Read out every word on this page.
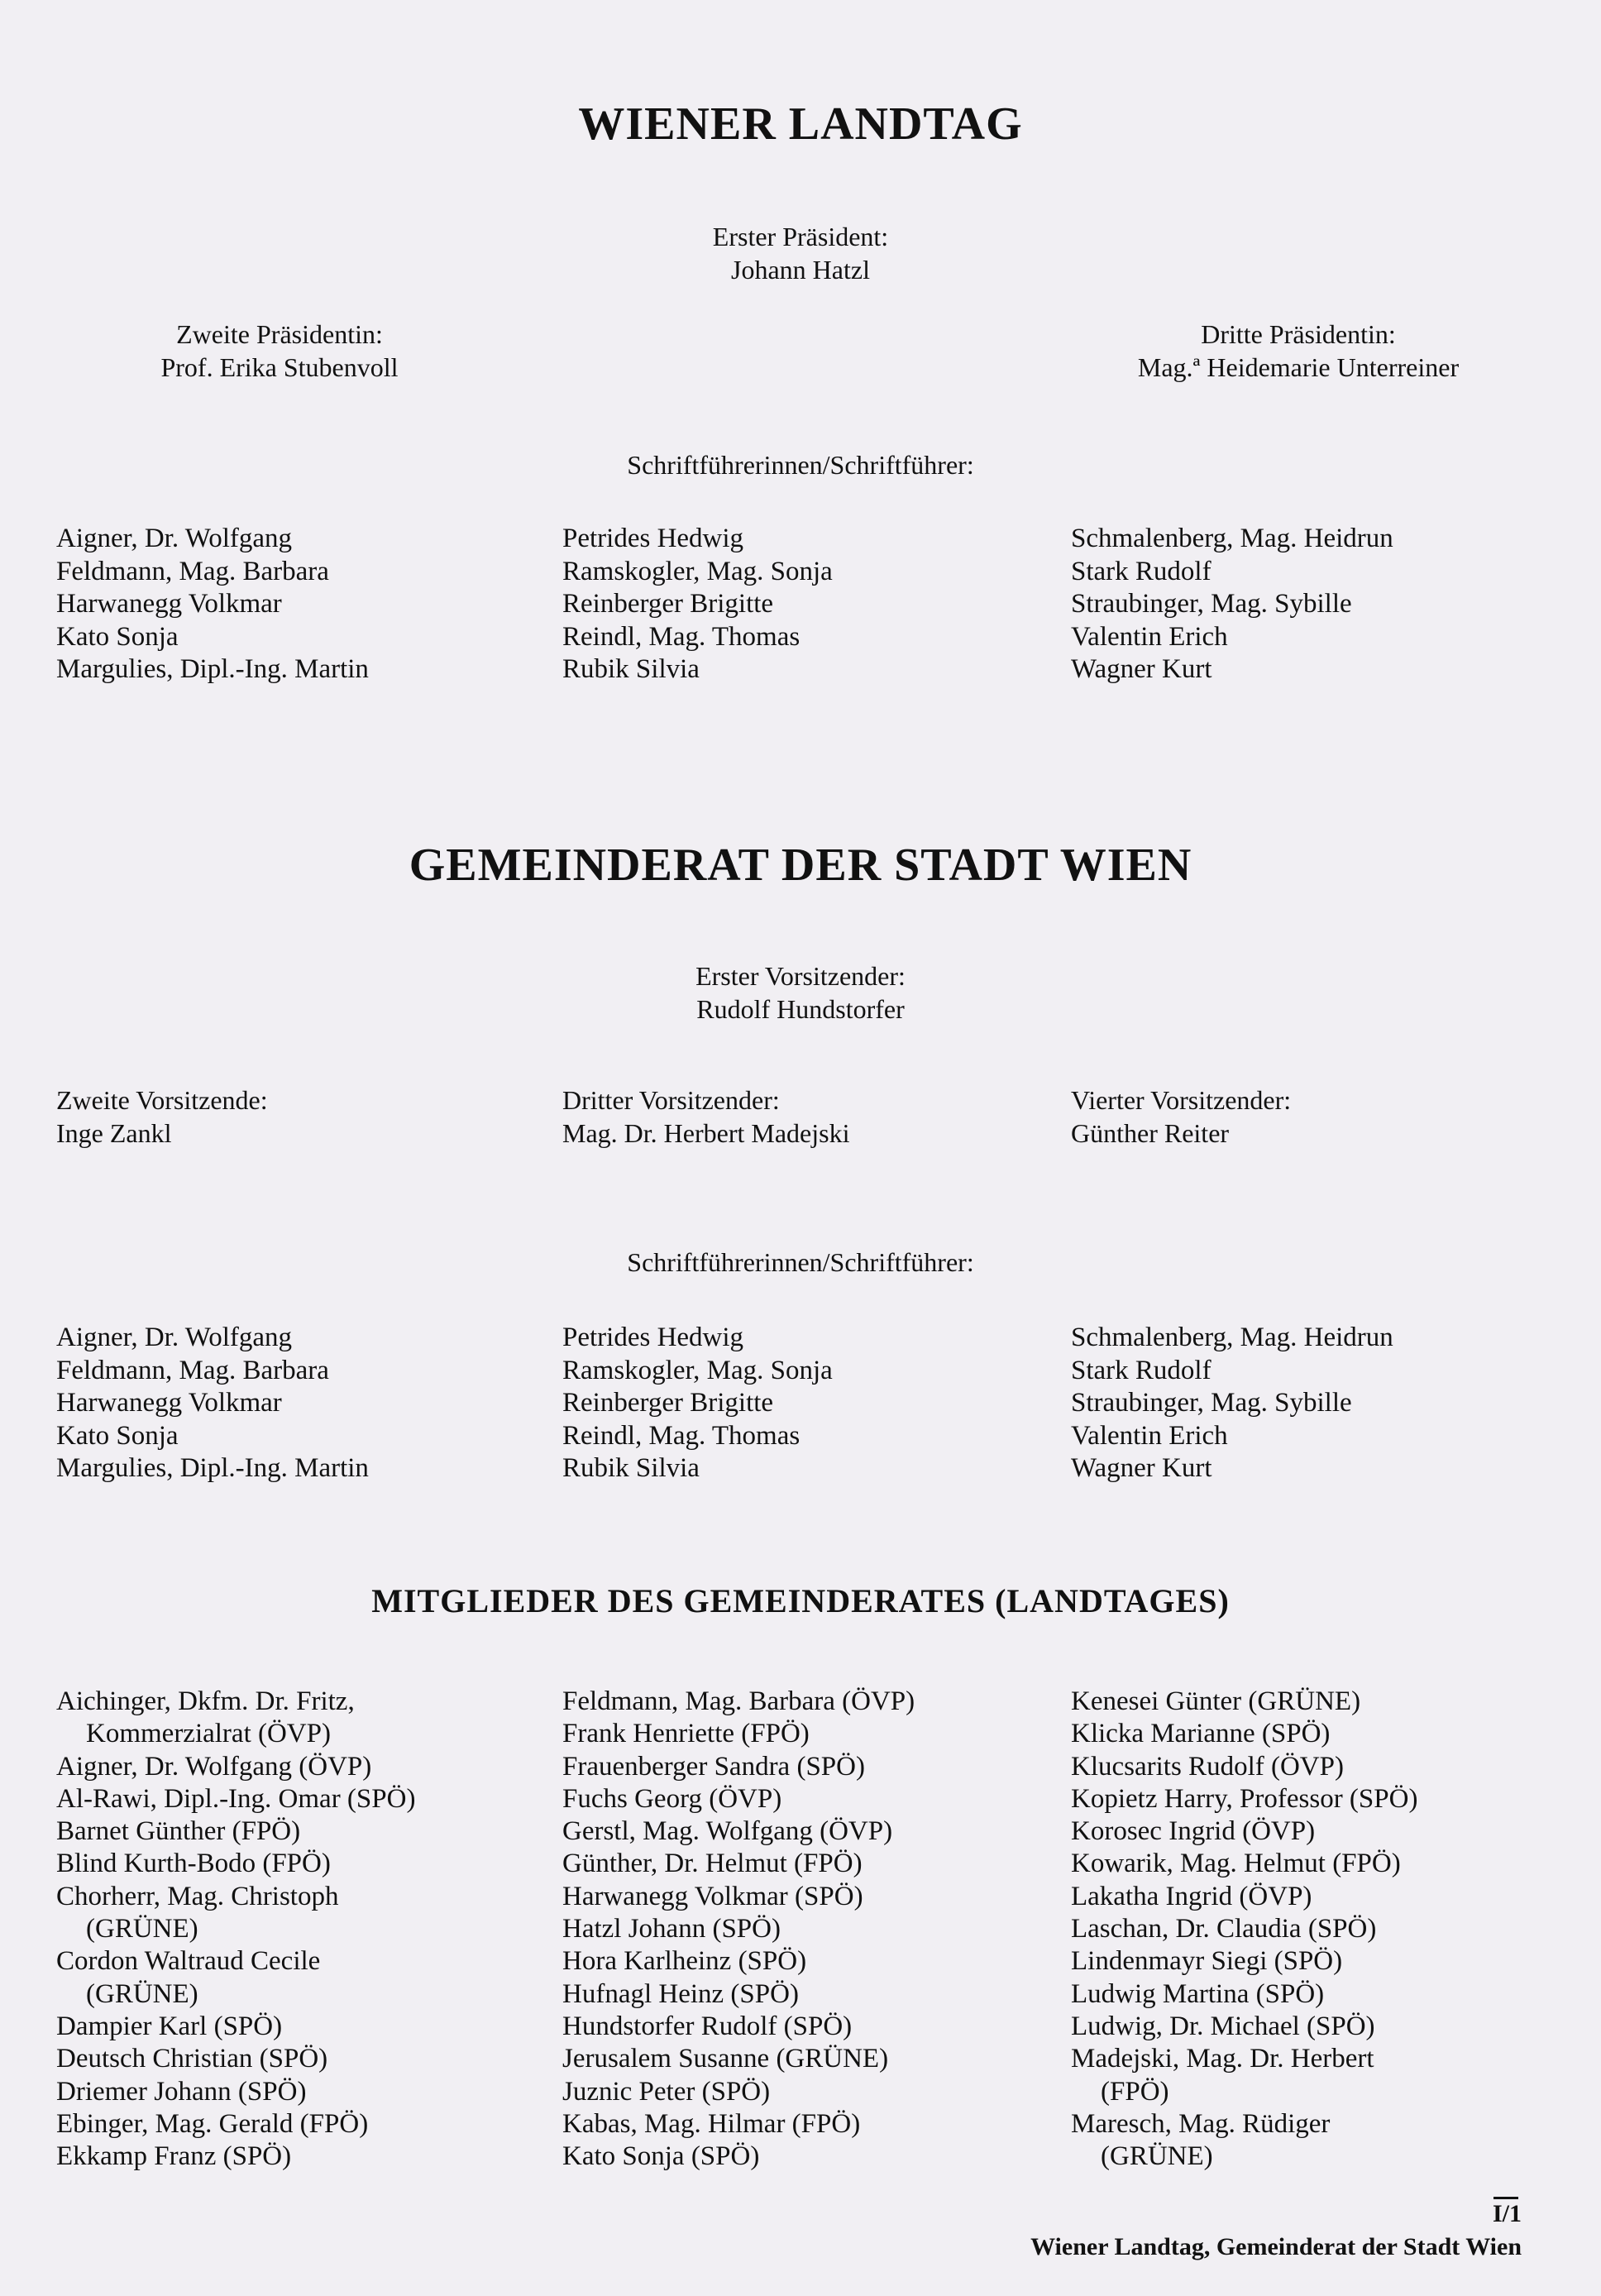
WIENER LANDTAG
Erster Präsident:
Johann Hatzl
Zweite Präsidentin:
Prof. Erika Stubenvoll
Dritte Präsidentin:
Mag.ª Heidemarie Unterreiner
Schriftführerinnen/Schriftführer:
Aigner, Dr. Wolfgang
Feldmann, Mag. Barbara
Harwanegg Volkmar
Kato Sonja
Margulies, Dipl.-Ing. Martin
Petrides Hedwig
Ramskogler, Mag. Sonja
Reinberger Brigitte
Reindl, Mag. Thomas
Rubik Silvia
Schmalenberg, Mag. Heidrun
Stark Rudolf
Straubinger, Mag. Sybille
Valentin Erich
Wagner Kurt
GEMEINDERAT DER STADT WIEN
Erster Vorsitzender:
Rudolf Hundstorfer
Zweite Vorsitzende:
Inge Zankl
Dritter Vorsitzender:
Mag. Dr. Herbert Madejski
Vierter Vorsitzender:
Günther Reiter
Schriftführerinnen/Schriftführer:
Aigner, Dr. Wolfgang
Feldmann, Mag. Barbara
Harwanegg Volkmar
Kato Sonja
Margulies, Dipl.-Ing. Martin
Petrides Hedwig
Ramskogler, Mag. Sonja
Reinberger Brigitte
Reindl, Mag. Thomas
Rubik Silvia
Schmalenberg, Mag. Heidrun
Stark Rudolf
Straubinger, Mag. Sybille
Valentin Erich
Wagner Kurt
MITGLIEDER DES GEMEINDERATES (LANDTAGES)
Aichinger, Dkfm. Dr. Fritz,
Kommerzialrat (ÖVP)
Aigner, Dr. Wolfgang (ÖVP)
Al-Rawi, Dipl.-Ing. Omar (SPÖ)
Barnet Günther (FPÖ)
Blind Kurth-Bodo (FPÖ)
Chorherr, Mag. Christoph
(GRÜNE)
Cordon Waltraud Cecile
(GRÜNE)
Dampier Karl (SPÖ)
Deutsch Christian (SPÖ)
Driemer Johann (SPÖ)
Ebinger, Mag. Gerald (FPÖ)
Ekkamp Franz (SPÖ)
Feldmann, Mag. Barbara (ÖVP)
Frank Henriette (FPÖ)
Frauenberger Sandra (SPÖ)
Fuchs Georg (ÖVP)
Gerstl, Mag. Wolfgang (ÖVP)
Günther, Dr. Helmut (FPÖ)
Harwanegg Volkmar (SPÖ)
Hatzl Johann (SPÖ)
Hora Karlheinz (SPÖ)
Hufnagl Heinz (SPÖ)
Hundstorfer Rudolf (SPÖ)
Jerusalem Susanne (GRÜNE)
Juznic Peter (SPÖ)
Kabas, Mag. Hilmar (FPÖ)
Kato Sonja (SPÖ)
Kenesei Günter (GRÜNE)
Klicka Marianne (SPÖ)
Klucsarits Rudolf (ÖVP)
Kopietz Harry, Professor (SPÖ)
Korosec Ingrid (ÖVP)
Kowarik, Mag. Helmut (FPÖ)
Lakatha Ingrid (ÖVP)
Laschan, Dr. Claudia (SPÖ)
Lindenmayr Siegi (SPÖ)
Ludwig Martina (SPÖ)
Ludwig, Dr. Michael (SPÖ)
Madejski, Mag. Dr. Herbert
(FPÖ)
Maresch, Mag. Rüdiger
(GRÜNE)
I/1
Wiener Landtag, Gemeinderat der Stadt Wien
